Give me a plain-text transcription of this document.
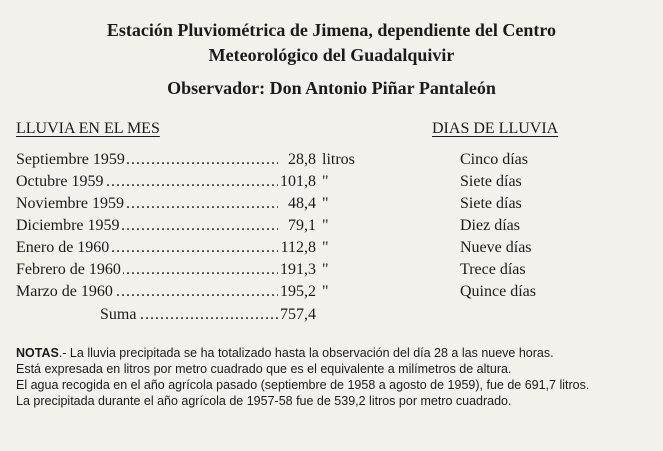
Estación Pluviométrica de Jimena, dependiente del Centro
Meteorológico del Guadalquivir
Observador: Don Antonio Piñar Pantaleón
LLUVIA EN EL MES	DIAS DE LLUVIA
Septiembre 1959 .....	28,8 litros	Cinco días
Octubre 1959 .....	101,8 "	Siete días
Noviembre 1959 .....	48,4 "	Siete días
Diciembre 1959 .....	79,1 "	Diez días
Enero de 1960 .....	112,8 "	Nueve días
Febrero de 1960 .....	191,3 "	Trece días
Marzo de 1960 .....	195,2 "	Quince días
Suma .....	757,4

NOTAS.- La lluvia precipitada se ha totalizado hasta la observación del día 28 a las nueve horas.

Está expresada en litros por metro cuadrado que es el equivalente a milímetros de altura.

El agua recogida en el año agrícola pasado (septiembre de 1958 a agosto de 1959), fue de 691,7 litros.

La precipitada durante el año agrícola de 1957-58 fue de 539,2 litros por metro cuadrado.
